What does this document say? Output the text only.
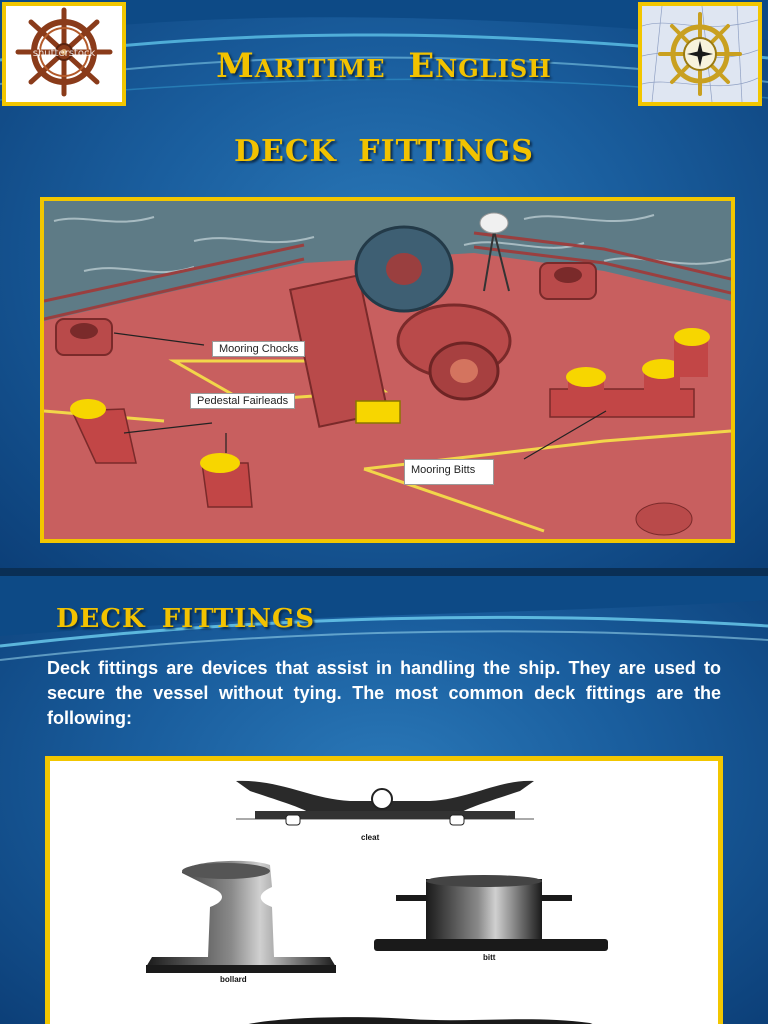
shutterstock	Maritime English
DECK FITTINGS
Mooring Chocks
Pedestal Fairleads
Mooring Bitts
DECK FITTINGS

Deck fittings are devices that assist in handling the ship. They are used to secure the vessel without tying. The most common deck fittings are the following:

cleat
bollard
bitt
